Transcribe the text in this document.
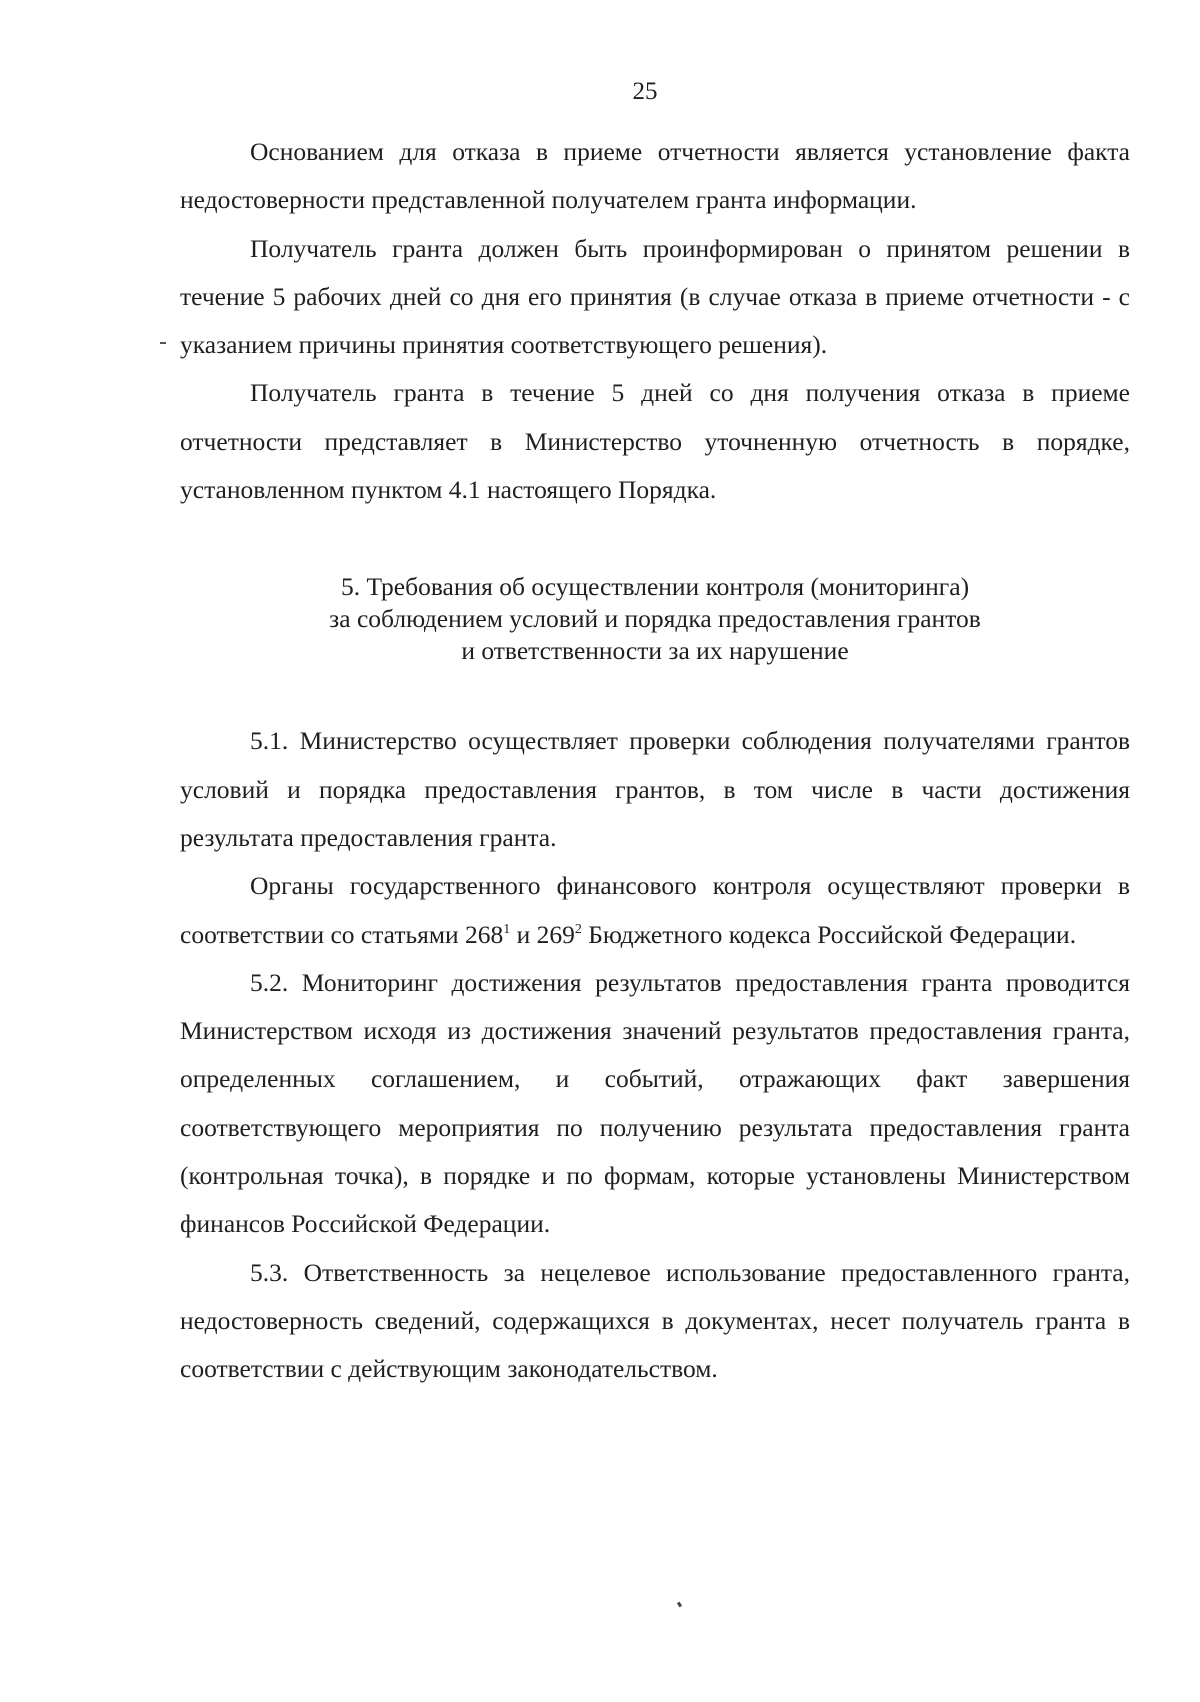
25

Основанием для отказа в приеме отчетности является установление факта недостоверности представленной получателем гранта информации.

Получатель гранта должен быть проинформирован о принятом решении в течение 5 рабочих дней со дня его принятия (в случае отказа в приеме отчетности - с указанием причины принятия соответствующего решения).

Получатель гранта в течение 5 дней со дня получения отказа в приеме отчетности представляет в Министерство уточненную отчетность в порядке, установленном пунктом 4.1 настоящего Порядка.

5. Требования об осуществлении контроля (мониторинга)
за соблюдением условий и порядка предоставления грантов
и ответственности за их нарушение

5.1. Министерство осуществляет проверки соблюдения получателями грантов условий и порядка предоставления грантов, в том числе в части достижения результата предоставления гранта.

Органы государственного финансового контроля осуществляют проверки в соответствии со статьями $268^1$ и $269^2$ Бюджетного кодекса Российской Федерации.

5.2. Мониторинг достижения результатов предоставления гранта проводится Министерством исходя из достижения значений результатов предоставления гранта, определенных соглашением, и событий, отражающих факт завершения соответствующего мероприятия по получению результата предоставления гранта (контрольная точка), в порядке и по формам, которые установлены Министерством финансов Российской Федерации.

5.3. Ответственность за нецелевое использование предоставленного гранта, недостоверность сведений, содержащихся в документах, несет получатель гранта в соответствии с действующим законодательством.
